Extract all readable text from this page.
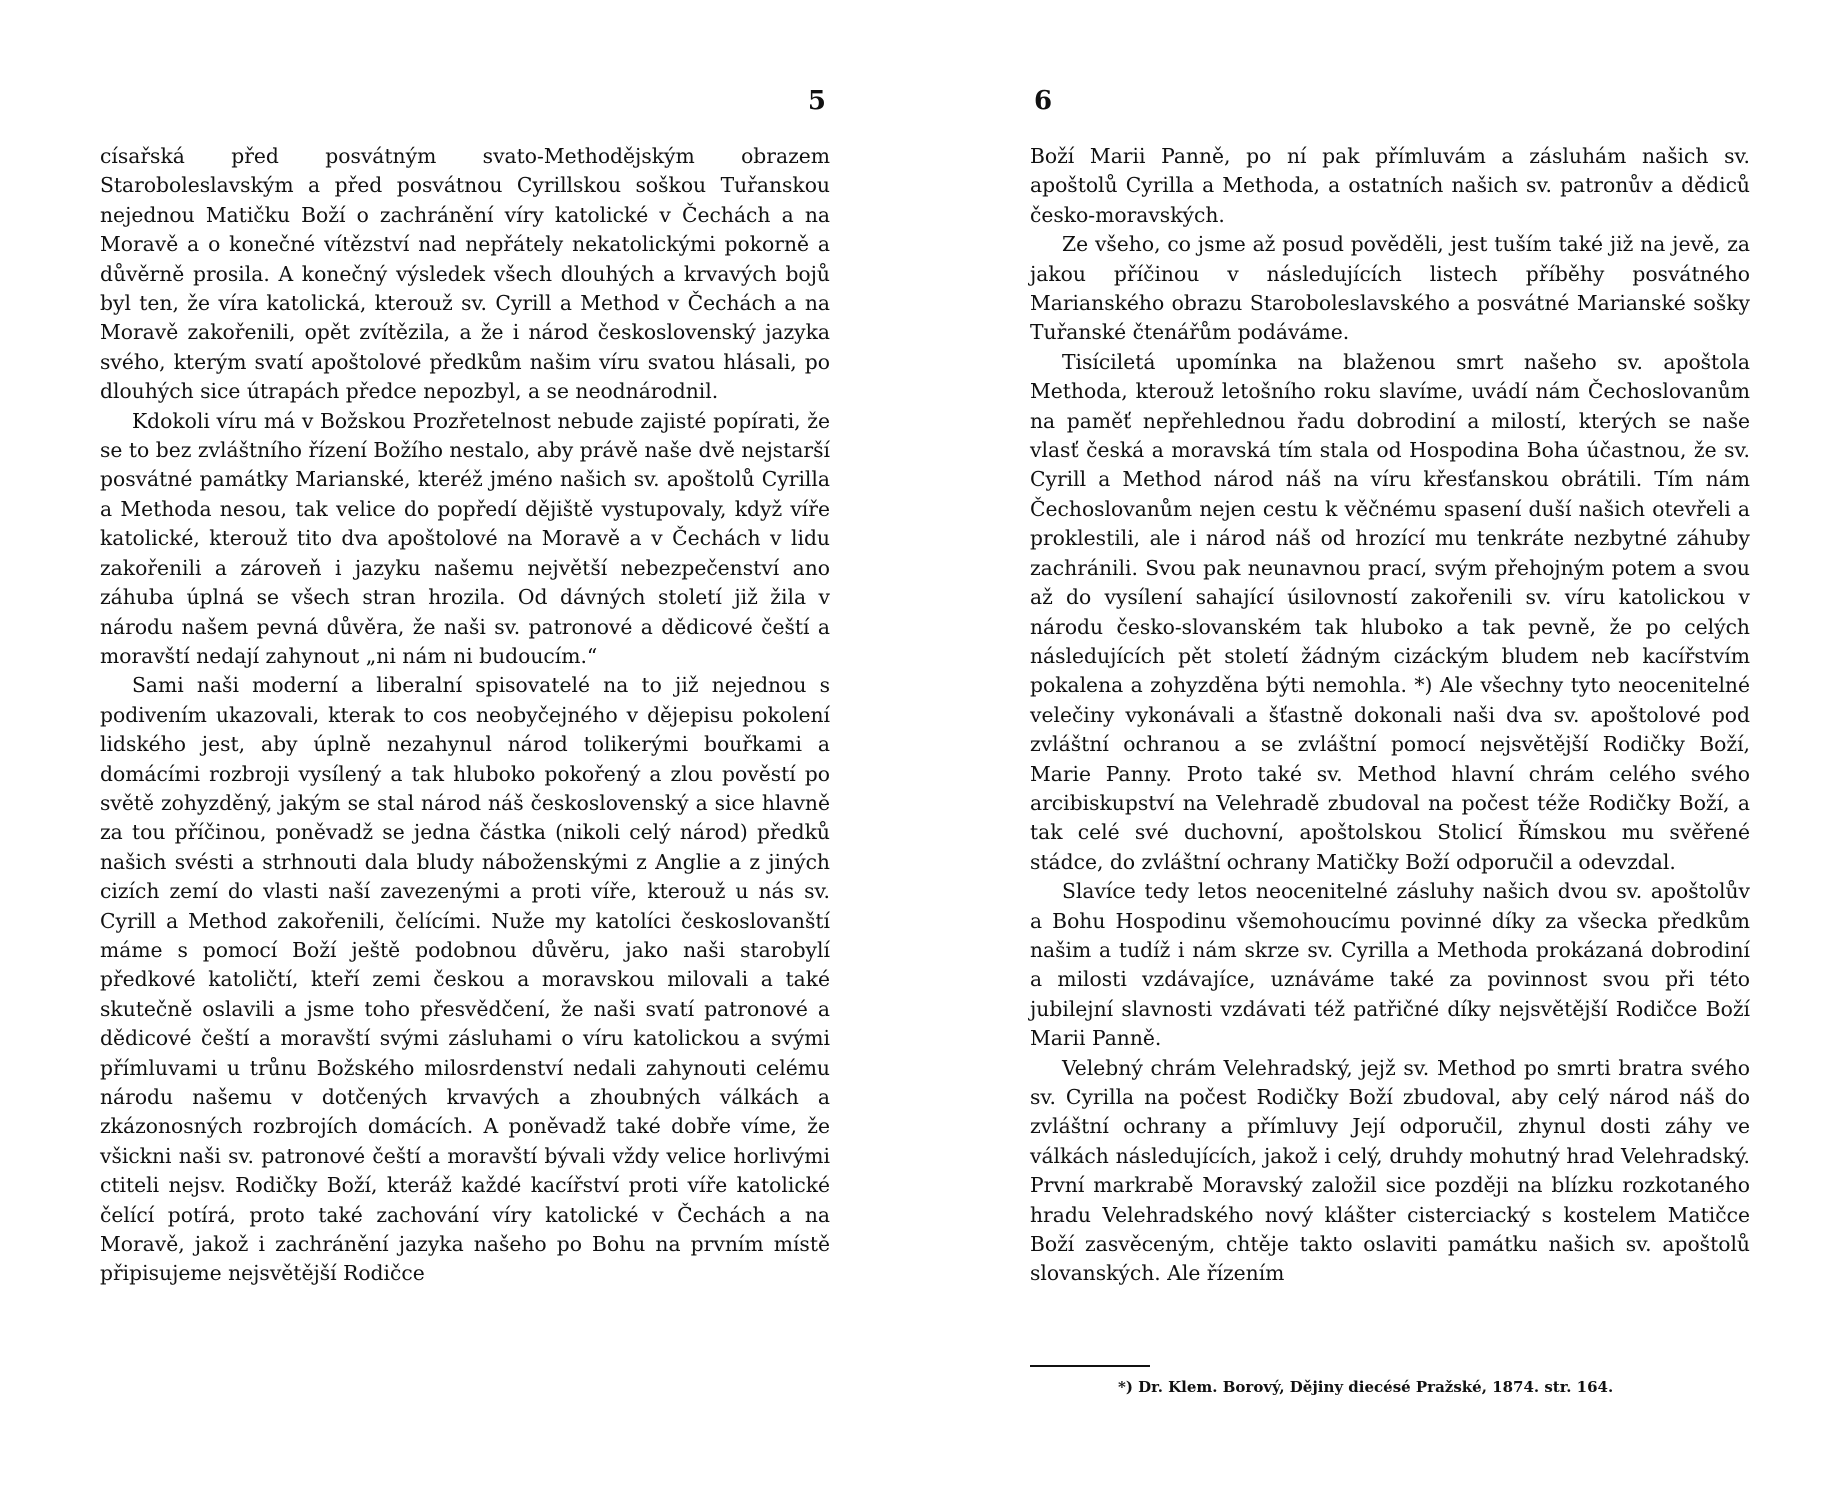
5

císařská před posvátným svato-Methodějským obrazem Staroboleslavským a před posvátnou Cyrillskou soškou Tuřanskou nejednou Matičku Boží o zachránění víry katolické v Čechách a na Moravě a o konečné vítězství nad nepřátely nekatolickými pokorně a důvěrně prosila. A konečný výsledek všech dlouhých a krvavých bojů byl ten, že víra katolická, kterouž sv. Cyrill a Method v Čechách a na Moravě zakořenili, opět zvítězila, a že i národ československý jazyka svého, kterým svatí apoštolové předkům našim víru svatou hlásali, po dlouhých sice útrapách předce nepozbyl, a se neodnárodnil.

Kdokoli víru má v Božskou Prozřetelnost nebude zajisté popírati, že se to bez zvláštního řízení Božího nestalo, aby právě naše dvě nejstarší posvátné památky Marianské, kteréž jméno našich sv. apoštolů Cyrilla a Methoda nesou, tak velice do popředí dějiště vystupovaly, když víře katolické, kterouž tito dva apoštolové na Moravě a v Čechách v lidu zakořenili a zároveň i jazyku našemu největší nebezpečenství ano záhuba úplná se všech stran hrozila. Od dávných století již žila v národu našem pevná důvěra, že naši sv. patronové a dědicové čeští a moravští nedají zahynout „ni nám ni budoucím.“

Sami naši moderní a liberalní spisovatelé na to již nejednou s podivením ukazovali, kterak to cos neobyčejného v dějepisu pokolení lidského jest, aby úplně nezahynul národ tolikerými bouřkami a domácími rozbroji vysílený a tak hluboko pokořený a zlou pověstí po světě zohyzděný, jakým se stal národ náš československý a sice hlavně za tou příčinou, poněvadž se jedna částka (nikoli celý národ) předků našich svésti a strhnouti dala bludy náboženskými z Anglie a z jiných cizích zemí do vlasti naší zavezenými a proti víře, kterouž u nás sv. Cyrill a Method zakořenili, čelícími. Nuže my katolíci českoslovanští máme s pomocí Boží ještě podobnou důvěru, jako naši starobylí předkové katoličtí, kteří zemi českou a moravskou milovali a také skutečně oslavili a jsme toho přesvědčení, že naši svatí patronové a dědicové čeští a moravští svými zásluhami o víru katolickou a svými přímluvami u trůnu Božského milosrdenství nedali zahynouti celému národu našemu v dotčených krvavých a zhoubných válkách a zkázonosných rozbrojích domácích. A poněvadž také dobře víme, že všickni naši sv. patronové čeští a moravští bývali vždy velice horlivými ctiteli nejsv. Rodičky Boží, kteráž každé kacířství proti víře katolické čelící potírá, proto také zachování víry katolické v Čechách a na Moravě, jakož i zachránění jazyka našeho po Bohu na prvním místě připisujeme nejsvětější Rodičce

6

Boží Marii Panně, po ní pak přímluvám a zásluhám našich sv. apoštolů Cyrilla a Methoda, a ostatních našich sv. patronův a dědiců česko-moravských.

Ze všeho, co jsme až posud pověděli, jest tuším také již na jevě, za jakou příčinou v následujících listech příběhy posvátného Marianského obrazu Staroboleslavského a posvátné Marianské sošky Tuřanské čtenářům podáváme.

Tisíciletá upomínka na blaženou smrt našeho sv. apoštola Methoda, kterouž letošního roku slavíme, uvádí nám Čechoslovanům na paměť nepřehlednou řadu dobrodiní a milostí, kterých se naše vlasť česká a moravská tím stala od Hospodina Boha účastnou, že sv. Cyrill a Method národ náš na víru křesťanskou obrátili. Tím nám Čechoslovanům nejen cestu k věčnému spasení duší našich otevřeli a proklestili, ale i národ náš od hrozící mu tenkráte nezbytné záhuby zachránili. Svou pak neunavnou prací, svým přehojným potem a svou až do vysílení sahající úsilovností zakořenili sv. víru katolickou v národu česko-slovanském tak hluboko a tak pevně, že po celých následujících pět století žádným cizáckým bludem neb kacířstvím pokalena a zohyzděna býti nemohla. *) Ale všechny tyto neocenitelné velečiny vykonávali a šťastně dokonali naši dva sv. apoštolové pod zvláštní ochranou a se zvláštní pomocí nejsvětější Rodičky Boží, Marie Panny. Proto také sv. Method hlavní chrám celého svého arcibiskupství na Velehradě zbudoval na počest téže Rodičky Boží, a tak celé své duchovní, apoštolskou Stolicí Římskou mu svěřené stádce, do zvláštní ochrany Matičky Boží odporučil a odevzdal.

Slavíce tedy letos neocenitelné zásluhy našich dvou sv. apoštolův a Bohu Hospodinu všemohoucímu povinné díky za všecka předkům našim a tudíž i nám skrze sv. Cyrilla a Methoda prokázaná dobrodiní a milosti vzdávajíce, uznáváme také za povinnost svou při této jubilejní slavnosti vzdávati též patřičné díky nejsvětější Rodičce Boží Marii Panně.

Velebný chrám Velehradský, jejž sv. Method po smrti bratra svého sv. Cyrilla na počest Rodičky Boží zbudoval, aby celý národ náš do zvláštní ochrany a přímluvy Její odporučil, zhynul dosti záhy ve válkách následujících, jakož i celý, druhdy mohutný hrad Velehradský. První markrabě Moravský založil sice později na blízku rozkotaného hradu Velehradského nový klášter cisterciacký s kostelem Matičce Boží zasvěceným, chtěje takto oslaviti památku našich sv. apoštolů slovanských. Ale řízením

*) Dr. Klem. Borový, Dějiny diecésé Pražské, 1874. str. 164.
